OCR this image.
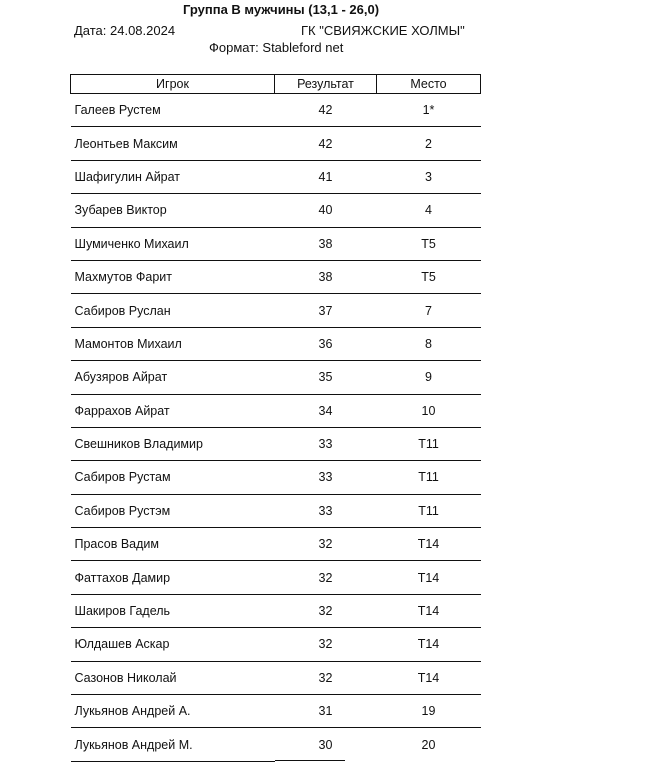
Группа В мужчины (13,1 - 26,0)
Дата: 24.08.2024	ГК "СВИЯЖСКИЕ ХОЛМЫ"
Формат: Stableford net
Игрок	Результат	Место
Галеев Рустем	42	1*
Леонтьев Максим	42	2
Шафигулин Айрат	41	3
Зубарев Виктор	40	4
Шумиченко Михаил	38	T5
Махмутов Фарит	38	T5
Сабиров Руслан	37	7
Мамонтов Михаил	36	8
Абузяров Айрат	35	9
Фаррахов Айрат	34	10
Свешников Владимир	33	T11
Сабиров Рустам	33	T11
Сабиров Рустэм	33	T11
Прасов Вадим	32	T14
Фаттахов Дамир	32	T14
Шакиров Гадель	32	T14
Юлдашев Аскар	32	T14
Сазонов Николай	32	T14
Лукьянов Андрей А.	31	19
Лукьянов Андрей М.	30	20
